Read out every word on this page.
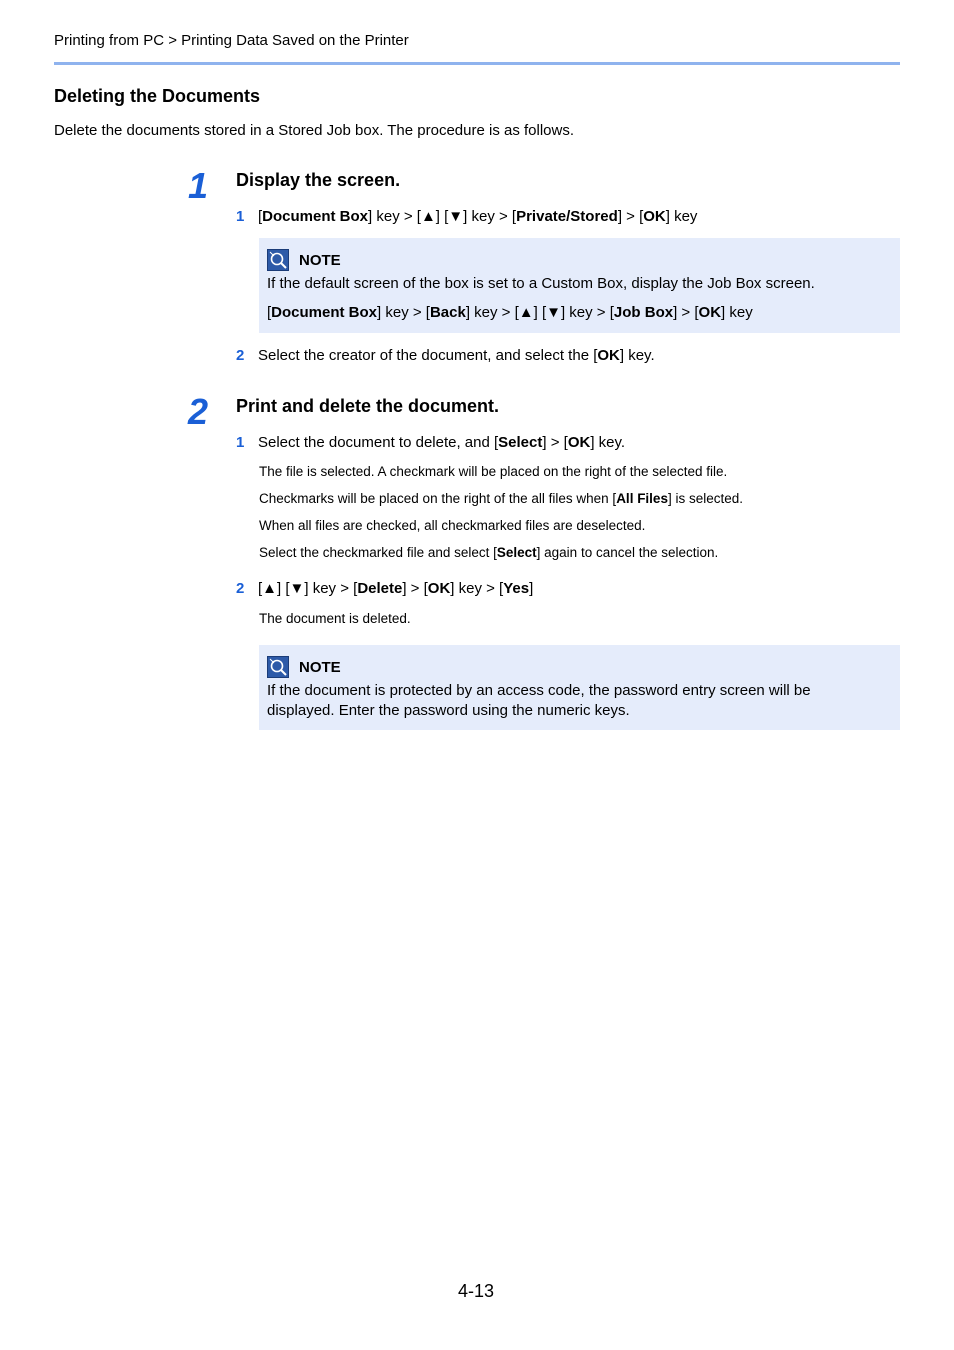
Printing from PC > Printing Data Saved on the Printer
Deleting the Documents
Delete the documents stored in a Stored Job box. The procedure is as follows.
1 Display the screen.
1 [Document Box] key > [▲] [▼] key > [Private/Stored] > [OK] key
NOTE
If the default screen of the box is set to a Custom Box, display the Job Box screen.
[Document Box] key > [Back] key > [▲] [▼] key > [Job Box] > [OK] key
2 Select the creator of the document, and select the [OK] key.
2 Print and delete the document.
1 Select the document to delete, and [Select] > [OK] key.
The file is selected. A checkmark will be placed on the right of the selected file.
Checkmarks will be placed on the right of the all files when [All Files] is selected.
When all files are checked, all checkmarked files are deselected.
Select the checkmarked file and select [Select] again to cancel the selection.
2 [▲] [▼] key > [Delete] > [OK] key > [Yes]
The document is deleted.
NOTE
If the document is protected by an access code, the password entry screen will be displayed. Enter the password using the numeric keys.
4-13
